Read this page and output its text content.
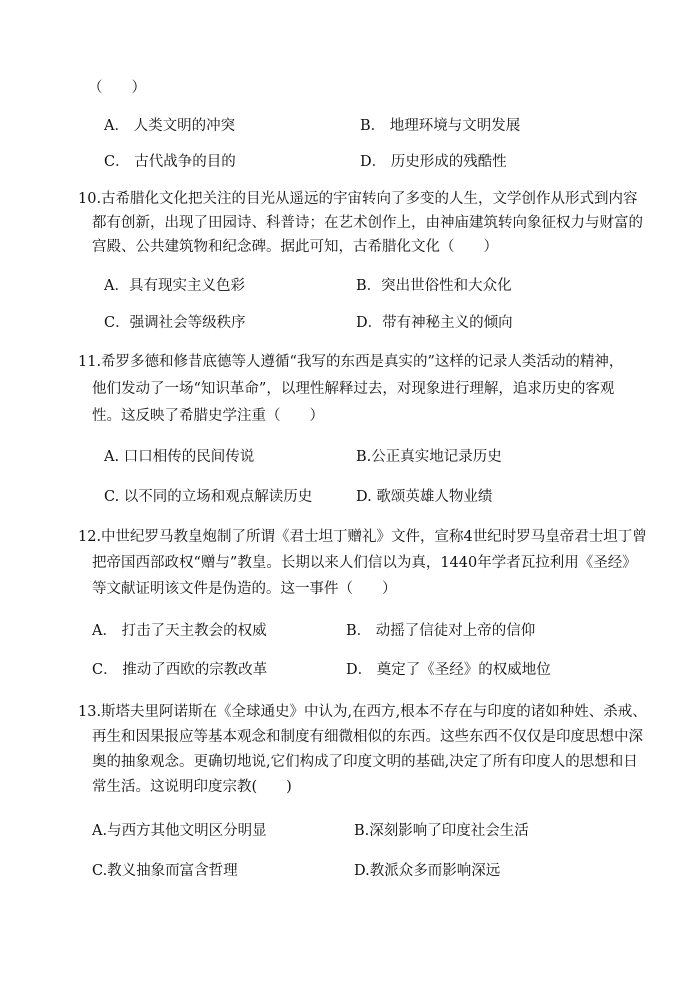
（　　）
A． 人类文明的冲突	B． 地理环境与文明发展
C． 古代战争的目的	D． 历史形成的残酷性
10.古希腊化文化把关注的目光从遥远的宇宙转向了多变的人生，文学创作从形式到内容
都有创新，出现了田园诗、科普诗；在艺术创作上，由神庙建筑转向象征权力与财富的
宫殿、公共建筑物和纪念碑。据此可知，古希腊化文化（　　）
A．具有现实主义色彩	B．突出世俗性和大众化
C．强调社会等级秩序	D．带有神秘主义的倾向
11.希罗多德和修昔底德等人遵循“我写的东西是真实的”这样的记录人类活动的精神，
他们发动了一场“知识革命”，以理性解释过去，对现象进行理解，追求历史的客观
性。这反映了希腊史学注重（　　）
A. 口口相传的民间传说	B.公正真实地记录历史
C. 以不同的立场和观点解读历史	D. 歌颂英雄人物业绩
12.中世纪罗马教皇炮制了所谓《君士坦丁赠礼》文件，宣称4世纪时罗马皇帝君士坦丁曾
把帝国西部政权“赠与”教皇。长期以来人们信以为真，1440年学者瓦拉利用《圣经》
等文献证明该文件是伪造的。这一事件（　　）
A． 打击了天主教会的权威	B． 动摇了信徒对上帝的信仰
C． 推动了西欧的宗教改革	D． 奠定了《圣经》的权威地位
13.斯塔夫里阿诺斯在《全球通史》中认为,在西方,根本不存在与印度的诸如种姓、杀戒、
再生和因果报应等基本观念和制度有细微相似的东西。这些东西不仅仅是印度思想中深
奥的抽象观念。更确切地说,它们构成了印度文明的基础,决定了所有印度人的思想和日
常生活。这说明印度宗教(　　)
A.与西方其他文明区分明显	B.深刻影响了印度社会生活
C.教义抽象而富含哲理	D.教派众多而影响深远
